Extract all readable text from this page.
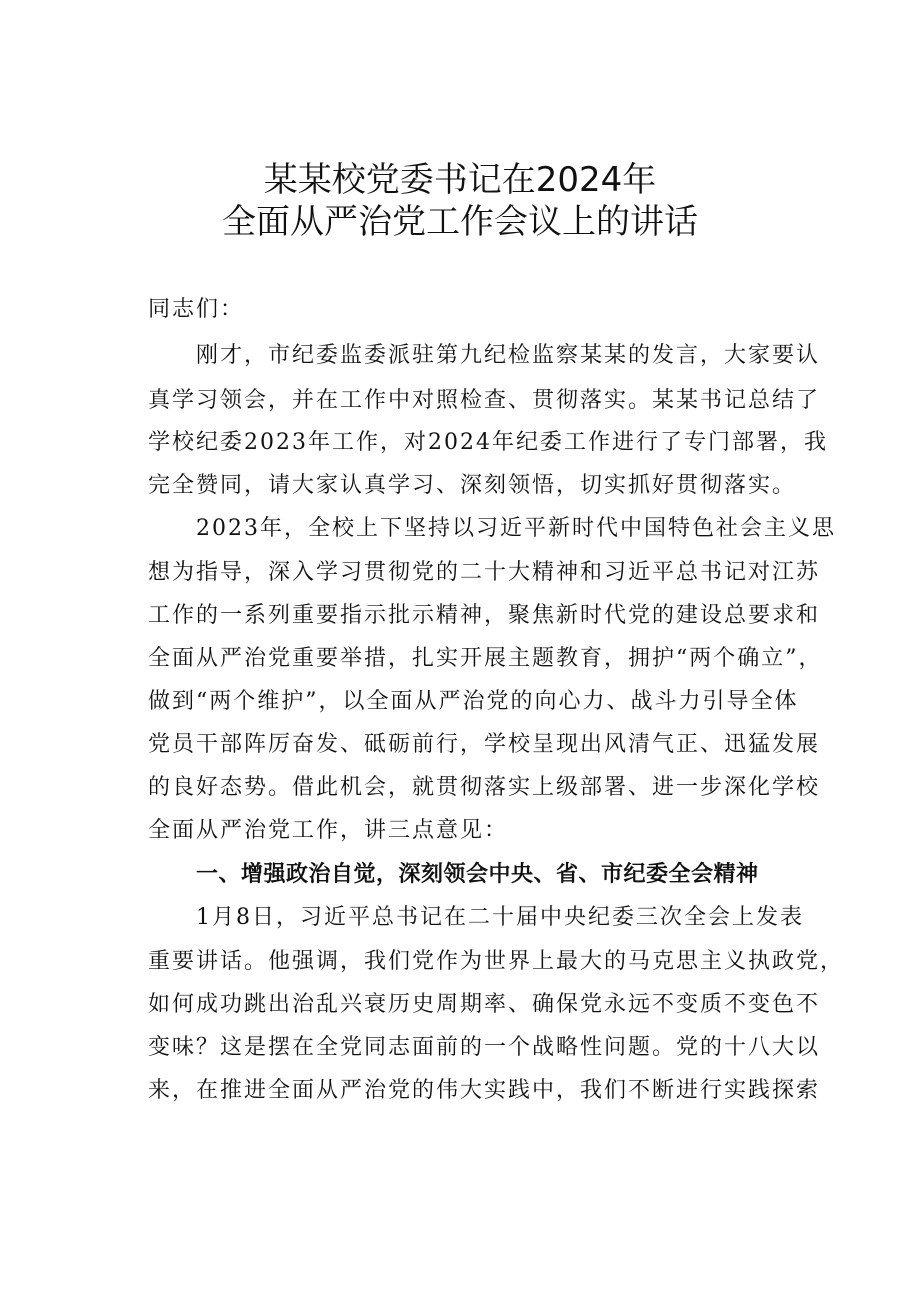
某某校党委书记在2024年
全面从严治党工作会议上的讲话
同志们：
刚才，市纪委监委派驻第九纪检监察某某的发言，大家要认
真学习领会，并在工作中对照检查、贯彻落实。某某书记总结了
学校纪委2023年工作，对2024年纪委工作进行了专门部署，我
完全赞同，请大家认真学习、深刻领悟，切实抓好贯彻落实。
2023年，全校上下坚持以习近平新时代中国特色社会主义思
想为指导，深入学习贯彻党的二十大精神和习近平总书记对江苏
工作的一系列重要指示批示精神，聚焦新时代党的建设总要求和
全面从严治党重要举措，扎实开展主题教育，拥护“两个确立”，
做到“两个维护”，以全面从严治党的向心力、战斗力引导全体
党员干部阵厉奋发、砥砺前行，学校呈现出风清气正、迅猛发展
的良好态势。借此机会，就贯彻落实上级部署、进一步深化学校
全面从严治党工作，讲三点意见：
一、增强政治自觉，深刻领会中央、省、市纪委全会精神
1月8日，习近平总书记在二十届中央纪委三次全会上发表
重要讲话。他强调，我们党作为世界上最大的马克思主义执政党，
如何成功跳出治乱兴衰历史周期率、确保党永远不变质不变色不
变味？这是摆在全党同志面前的一个战略性问题。党的十八大以
来，在推进全面从严治党的伟大实践中，我们不断进行实践探索
